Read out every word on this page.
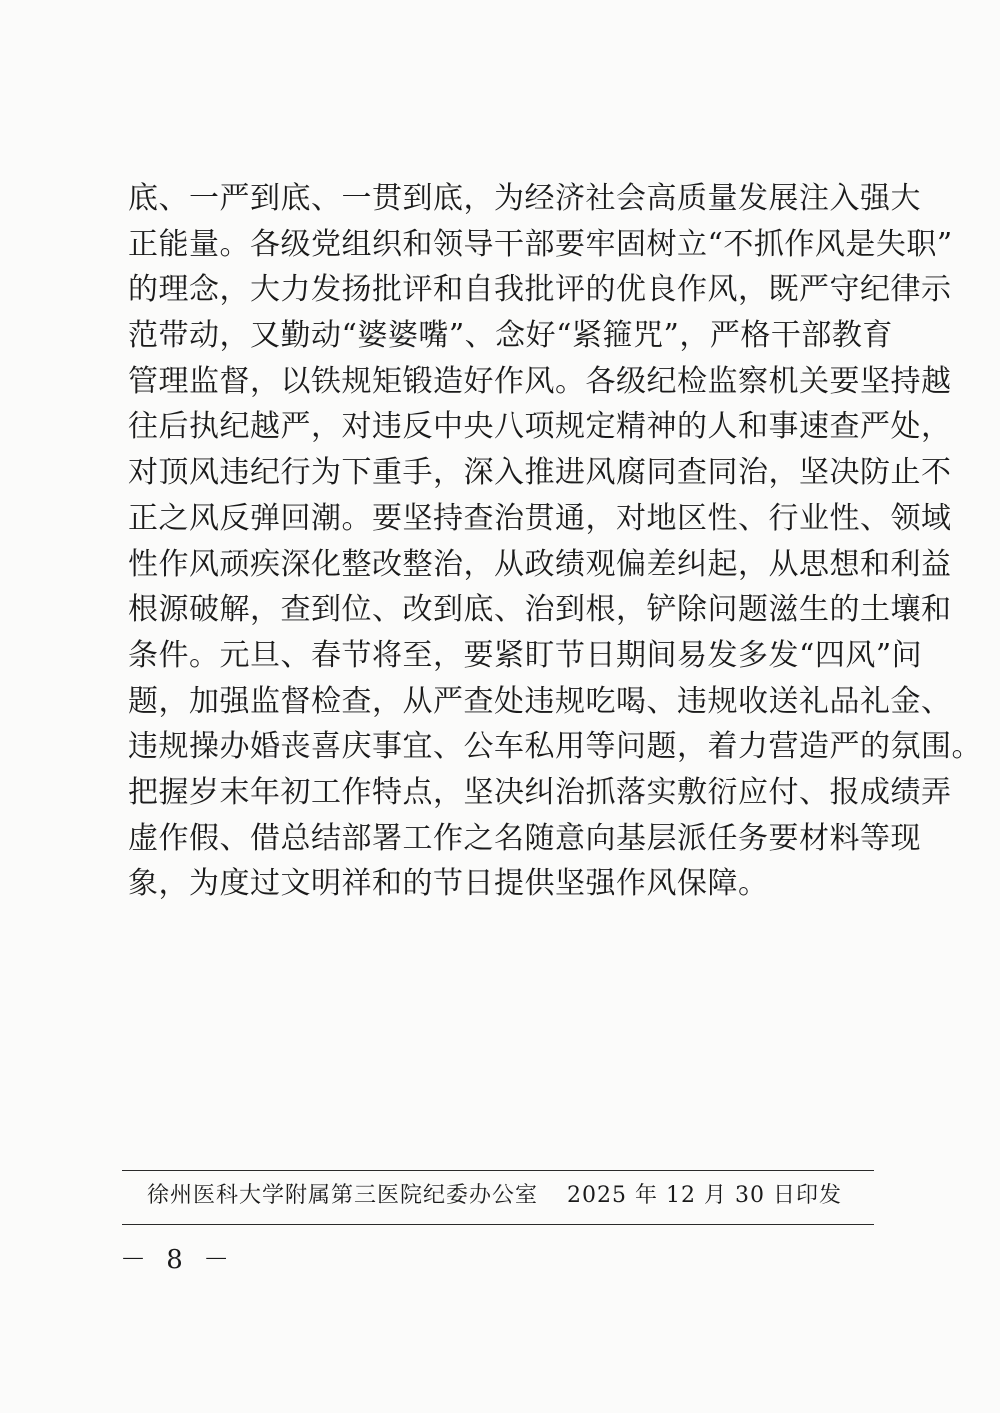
底、一严到底、一贯到底，为经济社会高质量发展注入强大
正能量。各级党组织和领导干部要牢固树立“不抓作风是失职”
的理念，大力发扬批评和自我批评的优良作风，既严守纪律示
范带动，又勤动“婆婆嘴”、念好“紧箍咒”，严格干部教育
管理监督，以铁规矩锻造好作风。各级纪检监察机关要坚持越
往后执纪越严，对违反中央八项规定精神的人和事速查严处，
对顶风违纪行为下重手，深入推进风腐同查同治，坚决防止不
正之风反弹回潮。要坚持查治贯通，对地区性、行业性、领域
性作风顽疾深化整改整治，从政绩观偏差纠起，从思想和利益
根源破解，查到位、改到底、治到根，铲除问题滋生的土壤和
条件。元旦、春节将至，要紧盯节日期间易发多发“四风”问
题，加强监督检查，从严查处违规吃喝、违规收送礼品礼金、
违规操办婚丧喜庆事宜、公车私用等问题，着力营造严的氛围。
把握岁末年初工作特点，坚决纠治抓落实敷衍应付、报成绩弄
虚作假、借总结部署工作之名随意向基层派任务要材料等现
象，为度过文明祥和的节日提供坚强作风保障。
徐州医科大学附属第三医院纪委办公室 2025 年 12 月 30 日印发
－ 8 －
